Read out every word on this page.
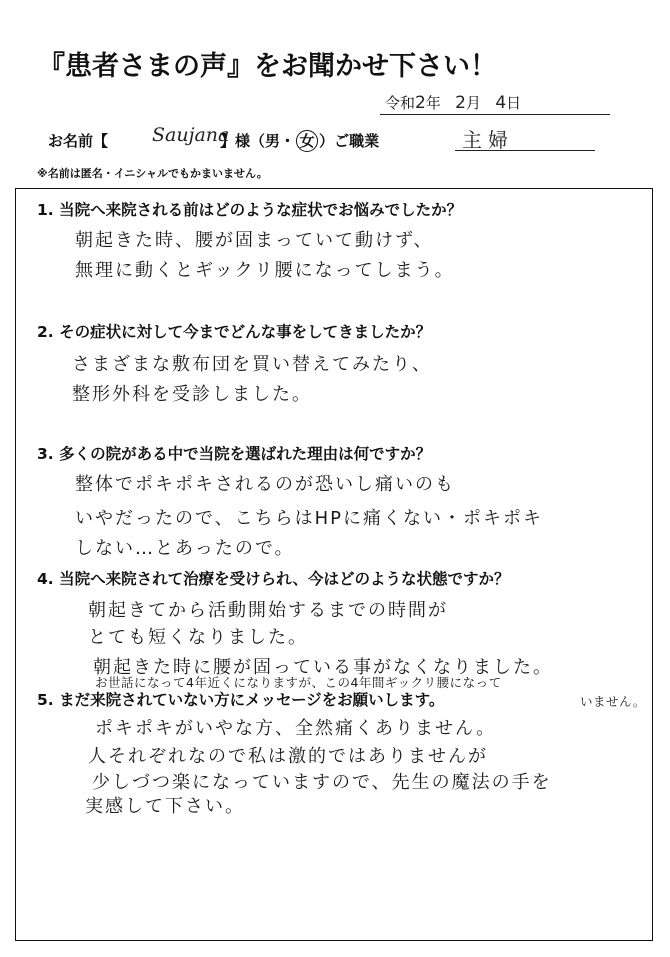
『患者さまの声』をお聞かせ下さい！
令和2年 2月 4日
お名前【	】様（男・ 女 ）ご職業
Saujana	主婦
※名前は匿名・イニシャルでもかまいません。
1. 当院へ来院される前はどのような症状でお悩みでしたか？
朝起きた時、腰が固まっていて動けず、
無理に動くとギックリ腰になってしまう。
2. その症状に対して今までどんな事をしてきましたか？
さまざまな敷布団を買い替えてみたり、
整形外科を受診しました。
3. 多くの院がある中で当院を選ばれた理由は何ですか？
整体でポキポキされるのが恐いし痛いのも
いやだったので、こちらはHPに痛くない・ポキポキ
しない…とあったので。
4. 当院へ来院されて治療を受けられ、今はどのような状態ですか？
朝起きてから活動開始するまでの時間が
とても短くなりました。
朝起きた時に腰が固っている事がなくなりました。
お世話になって4年近くになりますが、この4年間ギックリ腰になって
いません。
5. まだ来院されていない方にメッセージをお願いします。
ポキポキがいやな方、全然痛くありません。
人それぞれなので私は激的ではありませんが
少しづつ楽になっていますので、先生の魔法の手を
実感して下さい。
